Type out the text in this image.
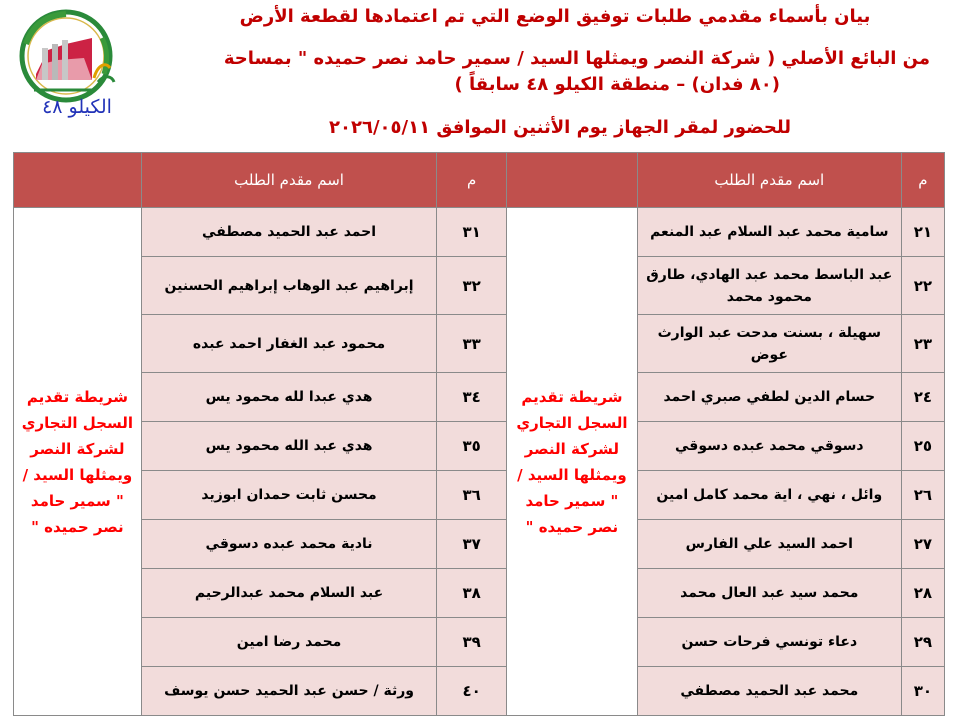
الكيلو ٤٨
بيان بأسماء مقدمي طلبات توفيق الوضع التي تم اعتمادها لقطعة الأرض
من البائع الأصلي ( شركة النصر ويمثلها السيد / سمير حامد نصر حميده " بمساحة
(٨٠ فدان) – منطقة الكيلو ٤٨ سابقاً )
للحضور لمقر الجهاز يوم الأثنين الموافق ٢٠٢٦/٠٥/١١
م	اسم مقدم الطلب		م	اسم مقدم الطلب	
٢١	سامية محمد عبد السلام عبد المنعم	شريطة تقديم السجل التجاري لشركة النصر ويمثلها السيد / " سمير حامد نصر حميده "	٣١	احمد عبد الحميد مصطفي	شريطة تقديم السجل التجاري لشركة النصر ويمثلها السيد / " سمير حامد نصر حميده "
٢٢	عبد الباسط محمد عبد الهادي، طارق محمود محمد		٣٢	إبراهيم عبد الوهاب إبراهيم الحسنين	
٢٣	سهيلة ، بسنت مدحت عبد الوارث عوض		٣٣	محمود عبد الغفار احمد عبده	
٢٤	حسام الدين لطفي صبري احمد		٣٤	هدي عبدا لله محمود يس	
٢٥	دسوقي محمد عبده دسوقي		٣٥	هدي عبد الله محمود يس	
٢٦	وائل ، نهي ، اية محمد كامل امين		٣٦	محسن ثابت حمدان ابوزيد	
٢٧	احمد السيد علي الفارس		٣٧	نادية محمد عبده دسوقي	
٢٨	محمد سيد عبد العال محمد		٣٨	عبد السلام محمد عبدالرحيم	
٢٩	دعاء تونسي فرحات حسن		٣٩	محمد رضا امين	
٣٠	محمد عبد الحميد مصطفي		٤٠	ورثة / حسن عبد الحميد حسن يوسف	
